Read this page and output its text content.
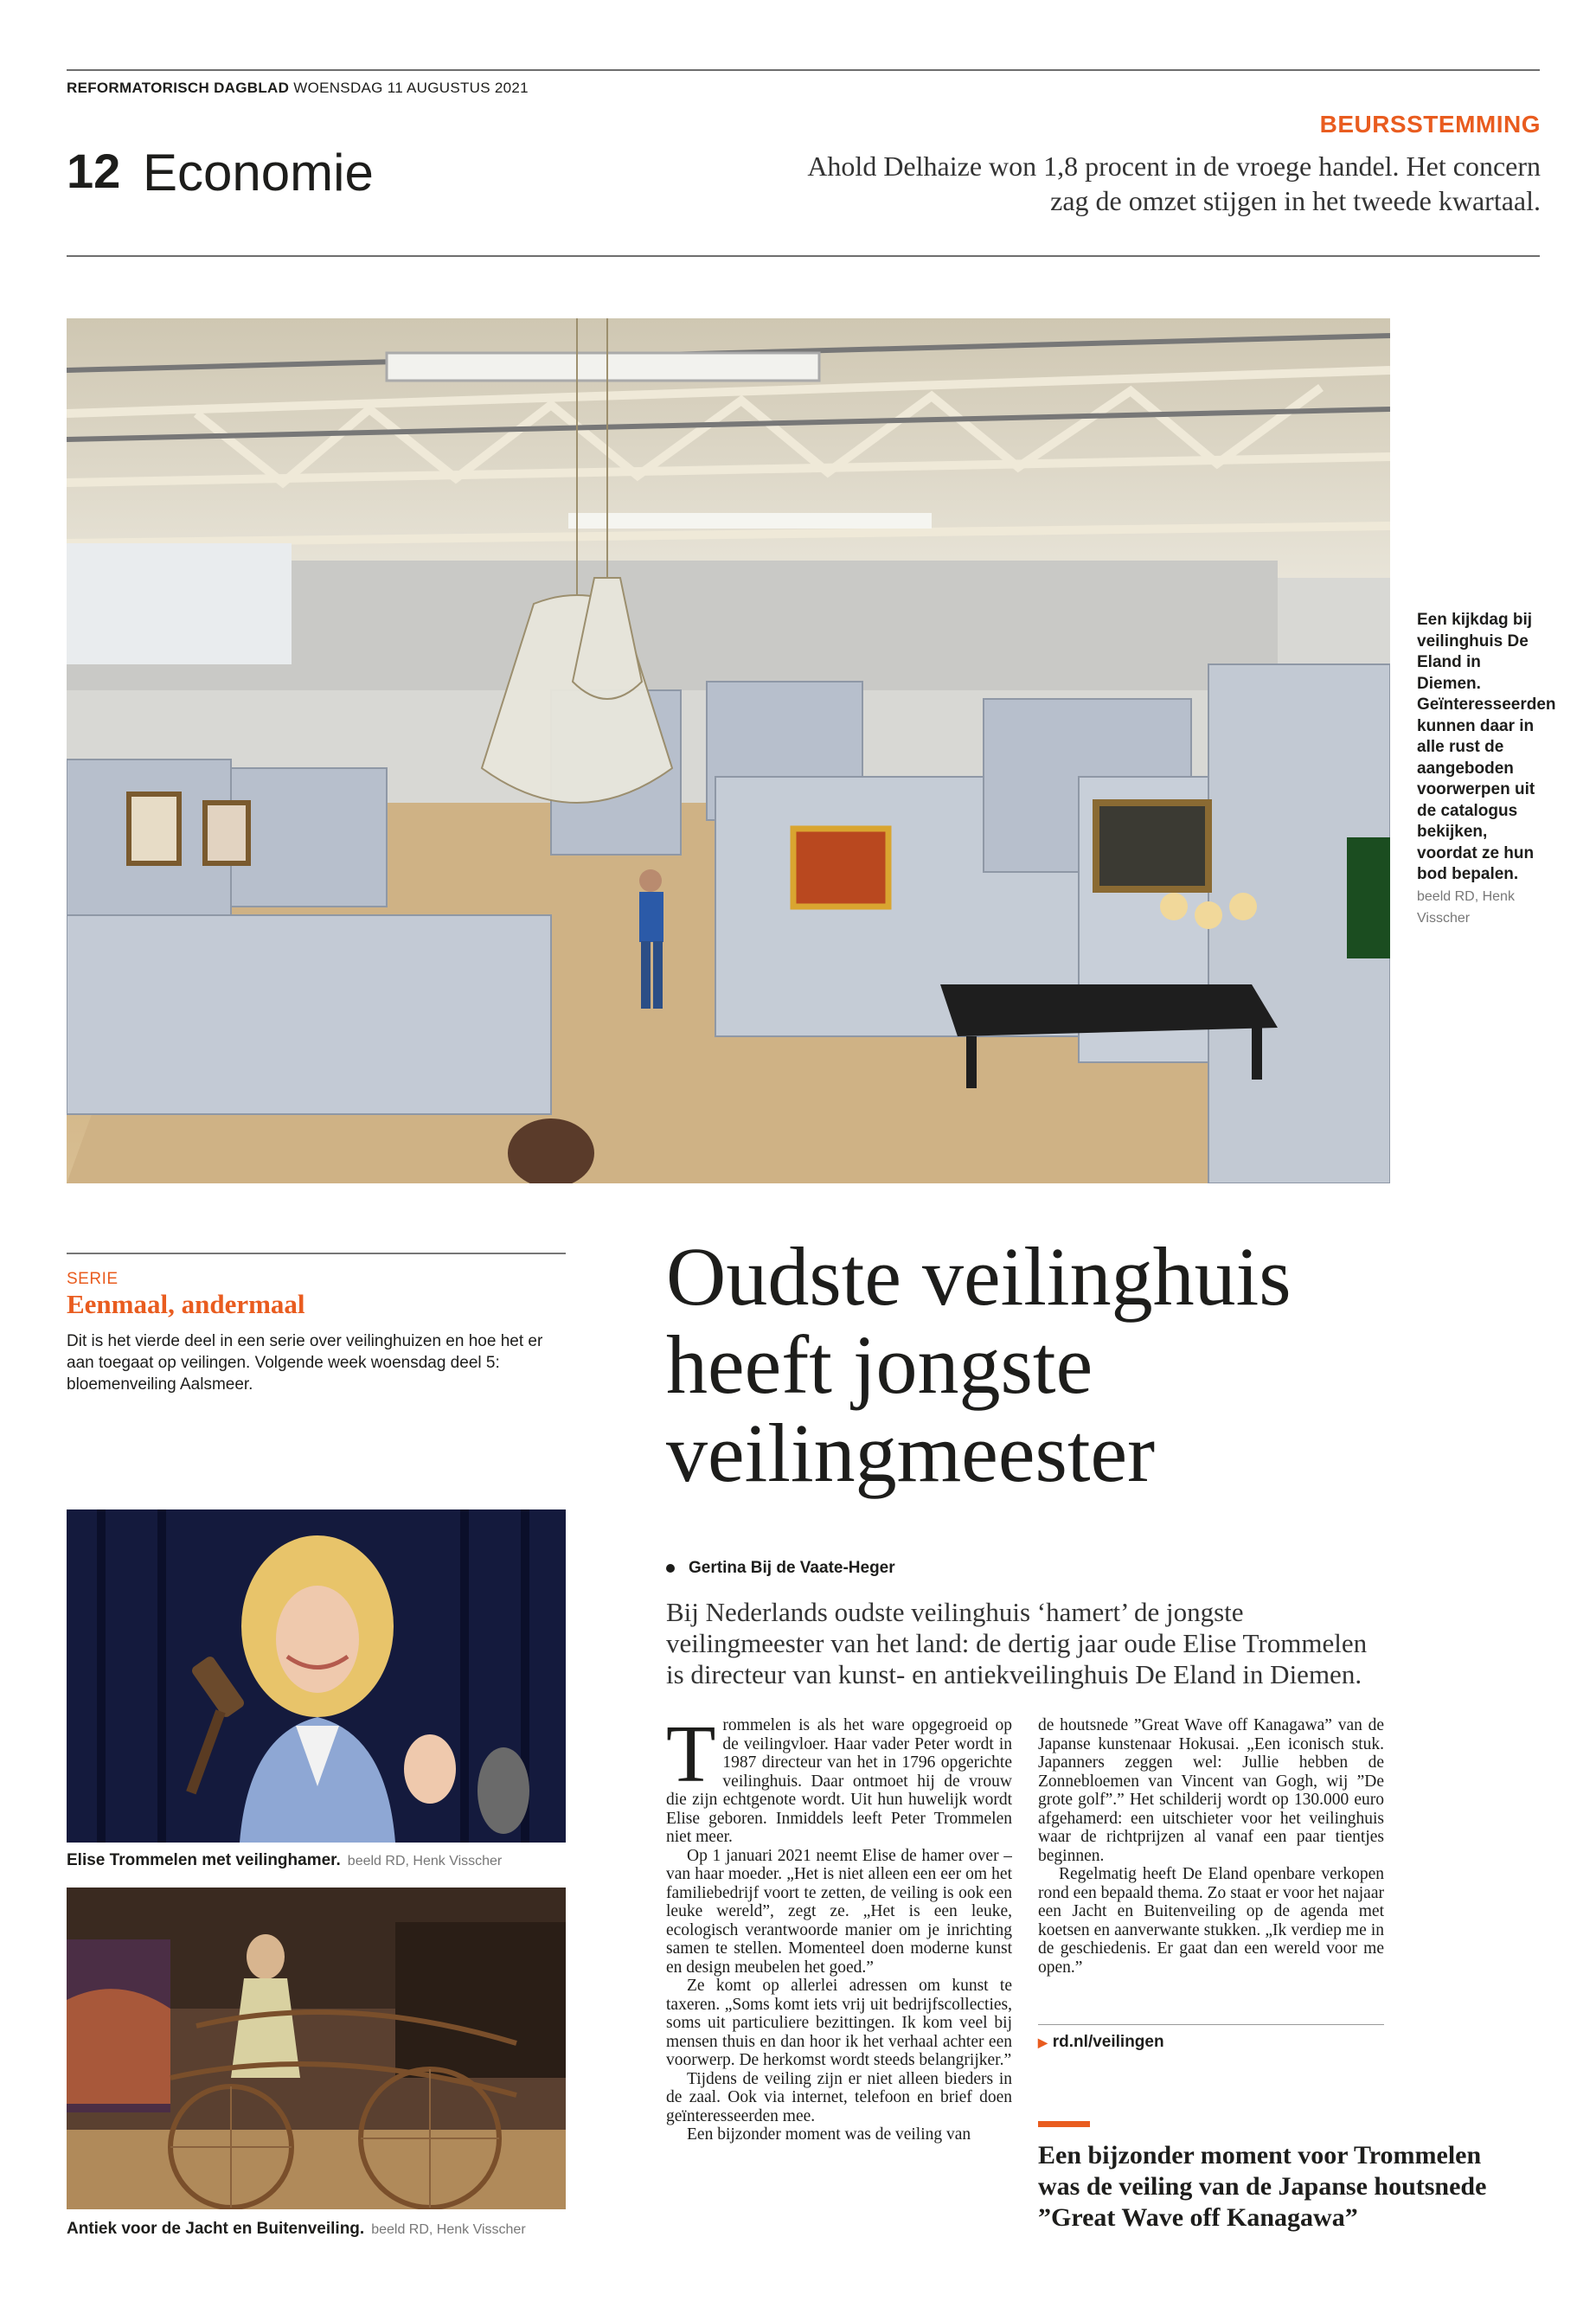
REFORMATORISCH DAGBLAD WOENSDAG 11 AUGUSTUS 2021
12 Economie
BEURSSTEMMING
Ahold Delhaize won 1,8 procent in de vroege handel. Het concern zag de omzet stijgen in het tweede kwartaal.
Een kijkdag bij veilinghuis De Eland in Diemen. Geïnteresseerden kunnen daar in alle rust de aangeboden voorwerpen uit de catalogus bekijken, voordat ze hun bod bepalen. beeld RD, Henk Visscher
SERIE
Eenmaal, andermaal
Dit is het vierde deel in een serie over veilinghuizen en hoe het er aan toegaat op veilingen. Volgende week woensdag deel 5: bloemenveiling Aalsmeer.
Oudste veilinghuis heeft jongste veilingmeester
Gertina Bij de Vaate-Heger
Bij Nederlands oudste veilinghuis ‘hamert’ de jongste veilingmeester van het land: de dertig jaar oude Elise Trommelen is directeur van kunst- en antiekveilinghuis De Eland in Diemen.
T rommelen is als het ware opgegroeid op de veilingvloer. Haar vader Peter wordt in 1987 directeur van het in 1796 opgerichte veilinghuis. Daar ontmoet hij de vrouw die zijn echtgenote wordt. Uit hun huwelijk wordt Elise geboren. Inmiddels leeft Peter Trommelen niet meer.

Op 1 januari 2021 neemt Elise de hamer over – van haar moeder. „Het is niet alleen een eer om het familiebedrijf voort te zetten, de veiling is ook een leuke wereld”, zegt ze. „Het is een leuke, ecologisch verantwoorde manier om je inrichting samen te stellen. Momenteel doen moderne kunst en design meubelen het goed.”

Ze komt op allerlei adressen om kunst te taxeren. „Soms komt iets vrij uit bedrijfscollecties, soms uit particuliere bezittingen. Ik kom veel bij mensen thuis en dan hoor ik het verhaal achter een voorwerp. De herkomst wordt steeds belangrijker.”

Tijdens de veiling zijn er niet alleen bieders in de zaal. Ook via internet, telefoon en brief doen geïnteresseerden mee.

Een bijzonder moment was de veiling van

de houtsnede ”Great Wave off Kanagawa” van de Japanse kunstenaar Hokusai. „Een iconisch stuk. Japanners zeggen wel: Jullie hebben de Zonnebloemen van Vincent van Gogh, wij ”De grote golf”.” Het schilderij wordt op 130.000 euro afgehamerd: een uitschieter voor het veilinghuis waar de richtprijzen al vanaf een paar tientjes beginnen.

Regelmatig heeft De Eland openbare verkopen rond een bepaald thema. Zo staat er voor het najaar een Jacht en Buitenveiling op de agenda met koetsen en aanverwante stukken. „Ik verdiep me in de geschiedenis. Er gaat dan een wereld voor me open.”

▶ rd.nl/veilingen
Een bijzonder moment voor Trommelen was de veiling van de Japanse houtsnede ”Great Wave off Kanagawa”
Elise Trommelen met veilinghamer. beeld RD, Henk Visscher
Antiek voor de Jacht en Buitenveiling. beeld RD, Henk Visscher
